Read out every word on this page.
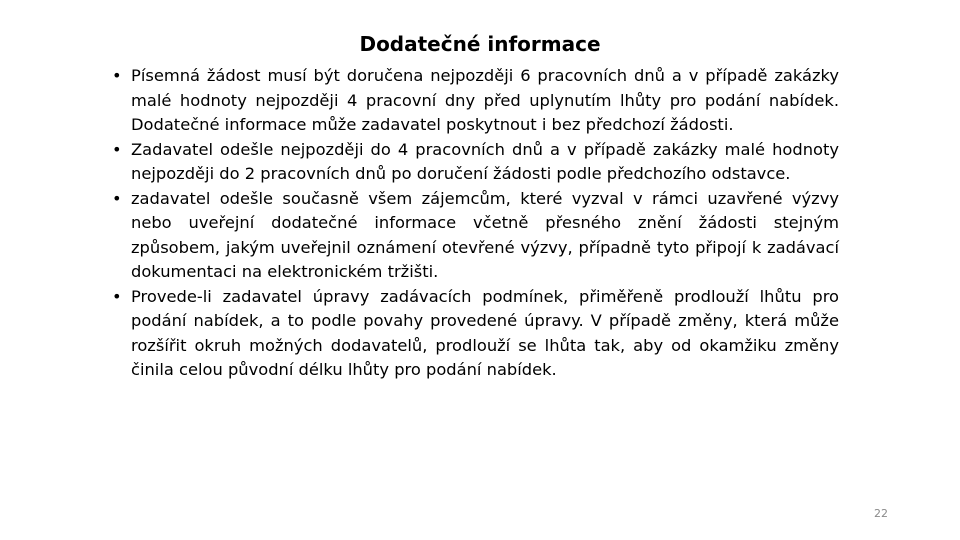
Dodatečné informace
• Písemná žádost musí být doručena nejpozději 6 pracovních dnů a v případě zakázky malé hodnoty nejpozději 4 pracovní dny před uplynutím lhůty pro podání nabídek. Dodatečné informace může zadavatel poskytnout i bez předchozí žádosti.
• Zadavatel odešle nejpozději do 4 pracovních dnů a v případě zakázky malé hodnoty nejpozději do 2 pracovních dnů po doručení žádosti podle předchozího odstavce.
• zadavatel odešle současně všem zájemcům, které vyzval v rámci uzavřené výzvy nebo uveřejní dodatečné informace včetně přesného znění žádosti stejným způsobem, jakým uveřejnil oznámení otevřené výzvy, případně tyto připojí k zadávací dokumentaci na elektronickém tržišti.
• Provede-li zadavatel úpravy zadávacích podmínek, přiměřeně prodlouží lhůtu pro podání nabídek, a to podle povahy provedené úpravy. V případě změny, která může rozšířit okruh možných dodavatelů, prodlouží se lhůta tak, aby od okamžiku změny činila celou původní délku lhůty pro podání nabídek.
22
